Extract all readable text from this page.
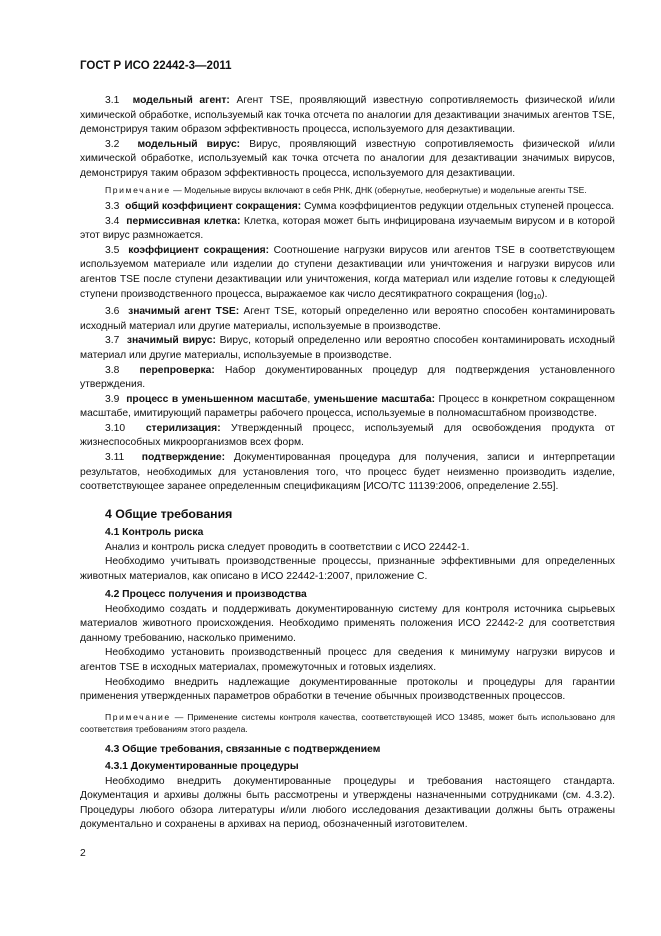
ГОСТ Р ИСО 22442-3—2011

3.1 модельный агент: Агент TSE, проявляющий известную сопротивляемость физической и/или химической обработке, используемый как точка отсчета по аналогии для дезактивации значимых агентов TSE, демонстрируя таким образом эффективность процесса, используемого для дезактивации.

3.2 модельный вирус: Вирус, проявляющий известную сопротивляемость физической и/или химической обработке, используемый как точка отсчета по аналогии для дезактивации значимых вирусов, демонстрируя таким образом эффективность процесса, используемого для дезактивации.

Примечание — Модельные вирусы включают в себя РНК, ДНК (обернутые, необернутые) и модельные агенты TSE.

3.3 общий коэффициент сокращения: Сумма коэффициентов редукции отдельных ступеней процесса.

3.4 пермиссивная клетка: Клетка, которая может быть инфицирована изучаемым вирусом и в которой этот вирус размножается.

3.5 коэффициент сокращения: Соотношение нагрузки вирусов или агентов TSE в соответствующем используемом материале или изделии до ступени дезактивации или уничтожения и нагрузки вирусов или агентов TSE после ступени дезактивации или уничтожения, когда материал или изделие готовы к следующей ступени производственного процесса, выражаемое как число десятикратного сокращения (log10).

3.6 значимый агент TSE: Агент TSE, который определенно или вероятно способен контаминировать исходный материал или другие материалы, используемые в производстве.

3.7 значимый вирус: Вирус, который определенно или вероятно способен контаминировать исходный материал или другие материалы, используемые в производстве.

3.8 перепроверка: Набор документированных процедур для подтверждения установленного утверждения.

3.9 процесс в уменьшенном масштабе, уменьшение масштаба: Процесс в конкретном сокращенном масштабе, имитирующий параметры рабочего процесса, используемые в полномасштабном производстве.

3.10 стерилизация: Утвержденный процесс, используемый для освобождения продукта от жизнеспособных микроорганизмов всех форм.

3.11 подтверждение: Документированная процедура для получения, записи и интерпретации результатов, необходимых для установления того, что процесс будет неизменно производить изделие, соответствующее заранее определенным спецификациям [ИСО/ТС 11139:2006, определение 2.55].

4 Общие требования
4.1 Контроль риска

Анализ и контроль риска следует проводить в соответствии с ИСО 22442-1.

Необходимо учитывать производственные процессы, признанные эффективными для определенных животных материалов, как описано в ИСО 22442-1:2007, приложение С.

4.2 Процесс получения и производства

Необходимо создать и поддерживать документированную систему для контроля источника сырьевых материалов животного происхождения. Необходимо применять положения ИСО 22442-2 для соответствия данному требованию, насколько применимо.

Необходимо установить производственный процесс для сведения к минимуму нагрузки вирусов и агентов TSE в исходных материалах, промежуточных и готовых изделиях.

Необходимо внедрить надлежащие документированные протоколы и процедуры для гарантии применения утвержденных параметров обработки в течение обычных производственных процессов.

Примечание — Применение системы контроля качества, соответствующей ИСО 13485, может быть использовано для соответствия требованиям этого раздела.

4.3 Общие требования, связанные с подтверждением
4.3.1 Документированные процедуры

Необходимо внедрить документированные процедуры и требования настоящего стандарта. Документация и архивы должны быть рассмотрены и утверждены назначенными сотрудниками (см. 4.3.2). Процедуры любого обзора литературы и/или любого исследования дезактивации должны быть отражены документально и сохранены в архивах на период, обозначенный изготовителем.

2
